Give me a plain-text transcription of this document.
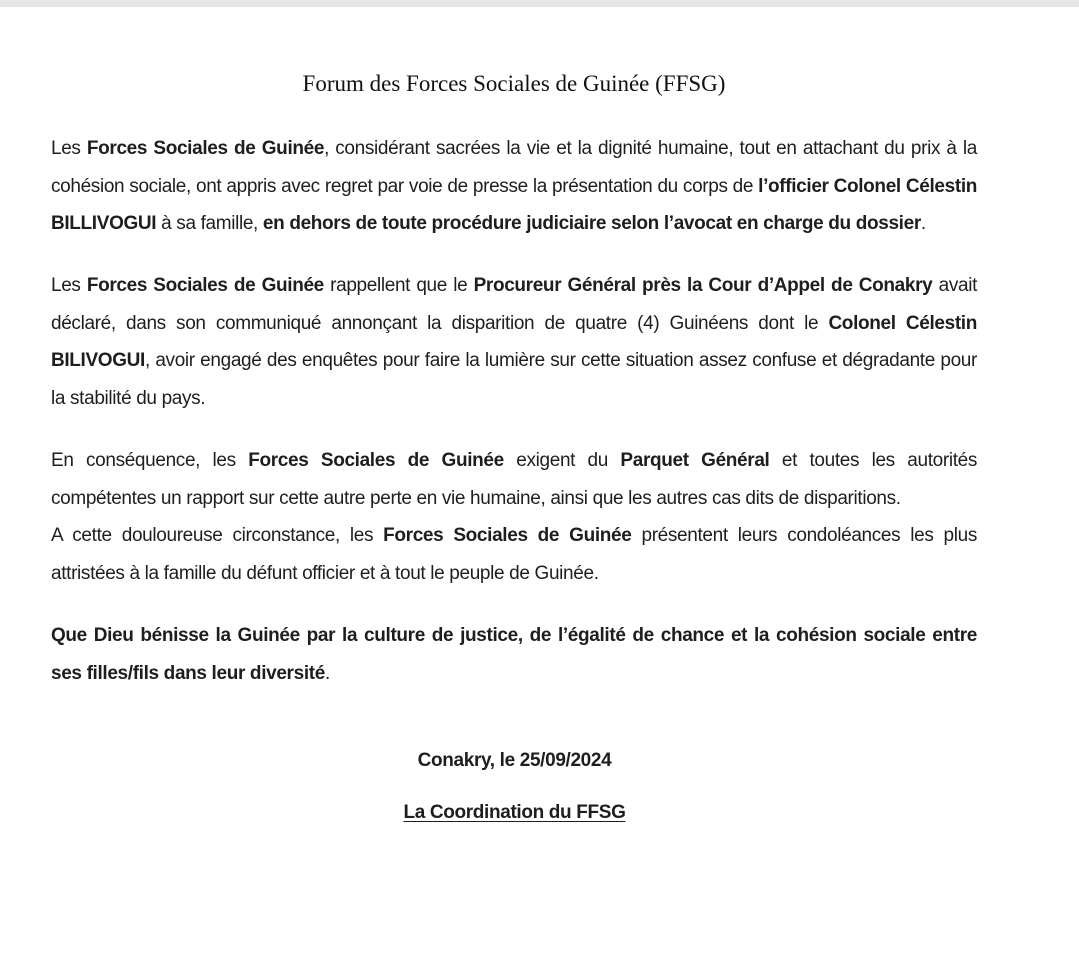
Forum des Forces Sociales de Guinée (FFSG)
Les Forces Sociales de Guinée, considérant sacrées la vie et la dignité humaine, tout en attachant du prix à la cohésion sociale, ont appris avec regret par voie de presse la présentation du corps de l’officier Colonel Célestin BILLIVOGUI à sa famille, en dehors de toute procédure judiciaire selon l’avocat en charge du dossier.
Les Forces Sociales de Guinée rappellent que le Procureur Général près la Cour d’Appel de Conakry avait déclaré, dans son communiqué annonçant la disparition de quatre (4) Guinéens dont le Colonel Célestin BILIVOGUI, avoir engagé des enquêtes pour faire la lumière sur cette situation assez confuse et dégradante pour la stabilité du pays.
En conséquence, les Forces Sociales de Guinée exigent du Parquet Général et toutes les autorités compétentes un rapport sur cette autre perte en vie humaine, ainsi que les autres cas dits de disparitions.
A cette douloureuse circonstance, les Forces Sociales de Guinée présentent leurs condoléances les plus attristées à la famille du défunt officier et à tout le peuple de Guinée.
Que Dieu bénisse la Guinée par la culture de justice, de l’égalité de chance et la cohésion sociale entre ses filles/fils dans leur diversité.
Conakry, le 25/09/2024
La Coordination du FFSG
